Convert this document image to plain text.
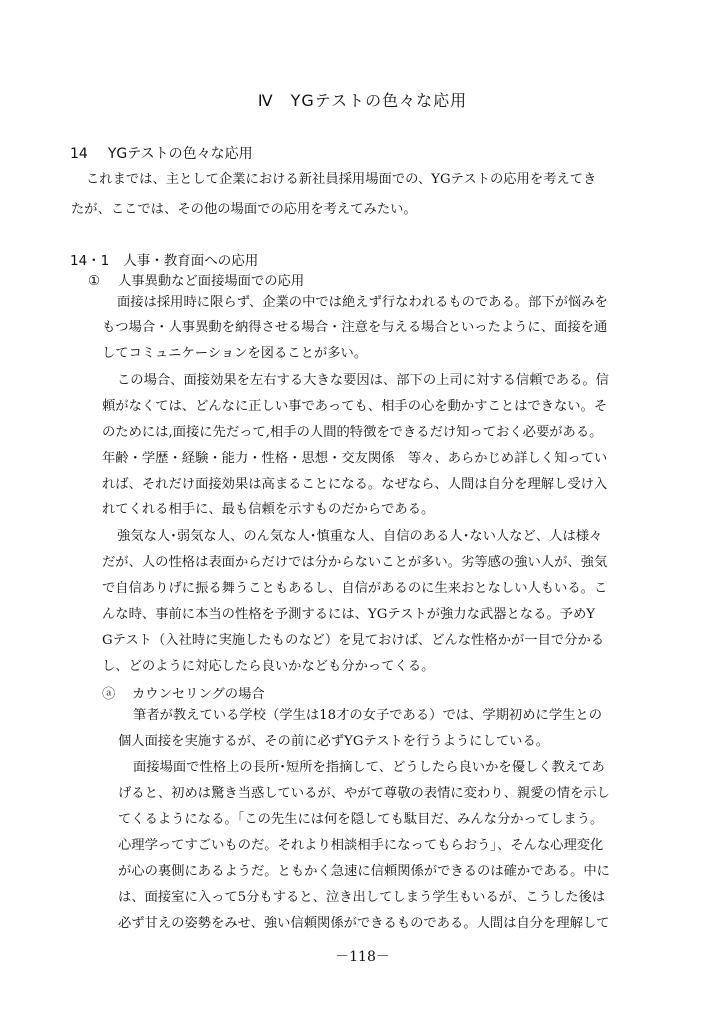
Ⅳ　YGテストの色々な応用
14 YGテストの色々な応用
これまでは、主として企業における新社員採用場面での、YGテストの応用を考えてき
たが、ここでは、その他の場面での応用を考えてみたい。
14・1 人事・教育面への応用
① 人事異動など面接場面での応用
面接は採用時に限らず、企業の中では絶えず行なわれるものである。部下が悩みを
もつ場合・人事異動を納得させる場合・注意を与える場合といったように、面接を通
してコミュニケーションを図ることが多い。
この場合、面接効果を左右する大きな要因は、部下の上司に対する信頼である。信
頼がなくては、どんなに正しい事であっても、相手の心を動かすことはできない。そ
のためには,面接に先だって,相手の人間的特徴をできるだけ知っておく必要がある。
年齢・学歴・経験・能力・性格・思想・交友関係　等々、あらかじめ詳しく知ってい
れば、それだけ面接効果は高まることになる。なぜなら、人間は自分を理解し受け入
れてくれる相手に、最も信頼を示すものだからである。
強気な人･弱気な人、のん気な人･慎重な人、自信のある人･ない人など、人は様々
だが、人の性格は表面からだけでは分からないことが多い。劣等感の強い人が、強気
で自信ありげに振る舞うこともあるし、自信があるのに生来おとなしい人もいる。こ
んな時、事前に本当の性格を予測するには、YGテストが強力な武器となる。予めY
Gテスト（入社時に実施したものなど）を見ておけば、どんな性格かが一目で分かる
し、どのように対応したら良いかなども分かってくる。
ⓐ カウンセリングの場合
筆者が教えている学校（学生は18才の女子である）では、学期初めに学生との
個人面接を実施するが、その前に必ずYGテストを行うようにしている。
面接場面で性格上の長所･短所を指摘して、どうしたら良いかを優しく教えてあ
げると、初めは驚き当惑しているが、やがて尊敬の表情に変わり、親愛の情を示し
てくるようになる。「この先生には何を隠しても駄目だ、みんな分かってしまう。
心理学ってすごいものだ。それより相談相手になってもらおう」、そんな心理変化
が心の裏側にあるようだ。ともかく急速に信頼関係ができるのは確かである。中に
は、面接室に入って5分もすると、泣き出してしまう学生もいるが、こうした後は
必ず甘えの姿勢をみせ、強い信頼関係ができるものである。人間は自分を理解して
－118－
